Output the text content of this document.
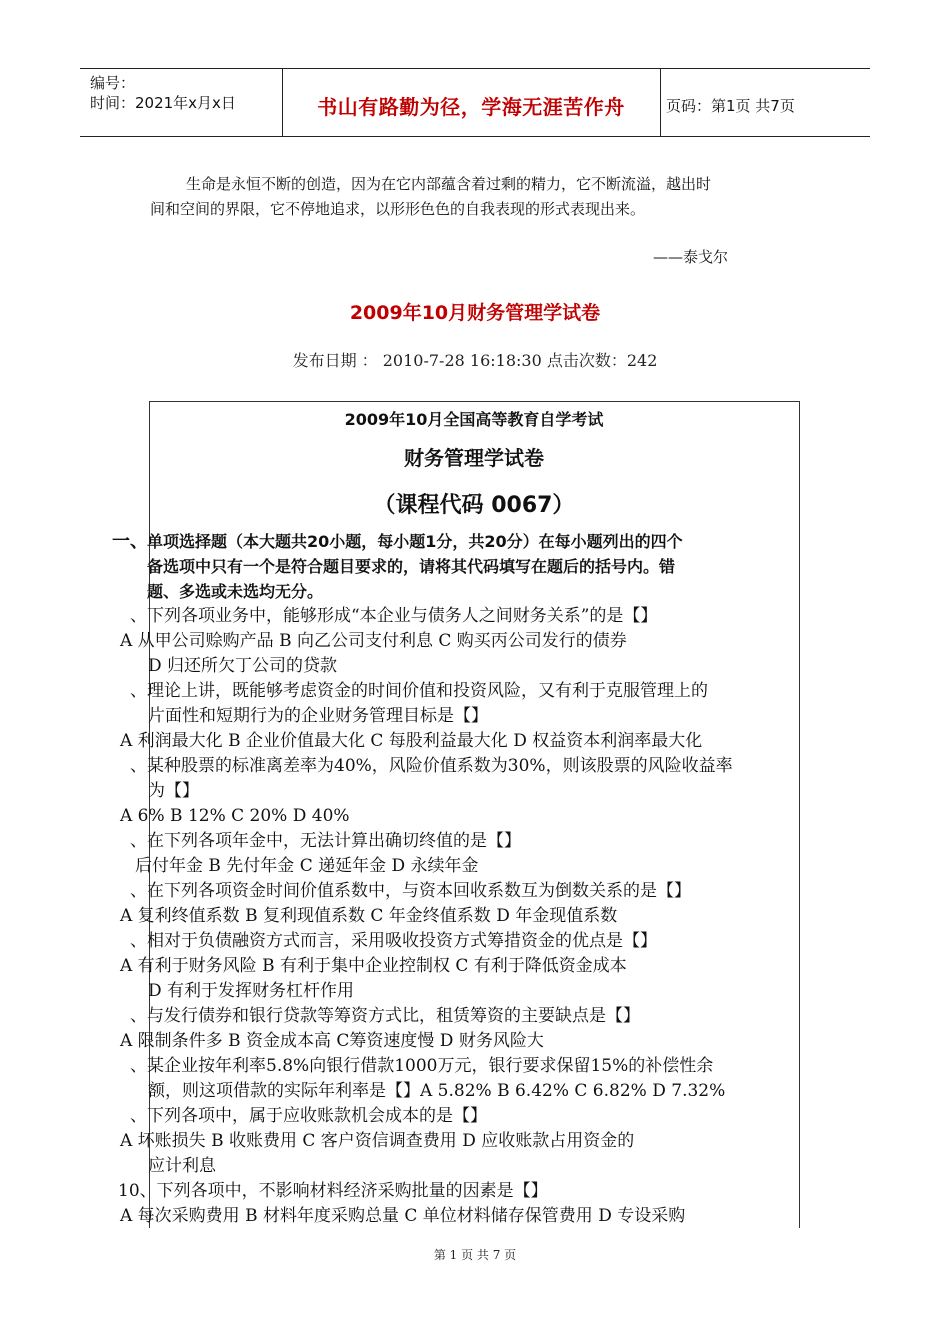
编号：
时间：2021年x月x日	书山有路勤为径，学海无涯苦作舟	页码：第1页 共7页
生命是永恒不断的创造，因为在它内部蕴含着过剩的精力，它不断流溢，越出时
间和空间的界限，它不停地追求，以形形色色的自我表现的形式表现出来。
——泰戈尔
2009年10月财务管理学试卷
发布日期 ： 2010-7-28 16:18:30 点击次数：242
2009年10月全国高等教育自学考试
财务管理学试卷
（课程代码 0067）
一、 单项选择题（本大题共20小题，每小题1分，共20分）在每小题列出的四个
备选项中只有一个是符合题目要求的，请将其代码填写在题后的括号内。错
题、多选或未选均无分。
、下列各项业务中，能够形成“本企业与债务人之间财务关系”的是【】
A 从甲公司赊购产品 B 向乙公司支付利息 C 购买丙公司发行的债券
D 归还所欠丁公司的贷款
、理论上讲，既能够考虑资金的时间价值和投资风险，又有利于克服管理上的
片面性和短期行为的企业财务管理目标是【】
A 利润最大化 B 企业价值最大化 C 每股利益最大化 D 权益资本利润率最大化
、某种股票的标准离差率为40%，风险价值系数为30%，则该股票的风险收益率
为【】
A 6% B 12% C 20% D 40%
、在下列各项年金中，无法计算出确切终值的是【】
后付年金 B 先付年金 C 递延年金 D 永续年金
、在下列各项资金时间价值系数中，与资本回收系数互为倒数关系的是【】
A 复利终值系数 B 复利现值系数 C 年金终值系数 D 年金现值系数
、相对于负债融资方式而言，采用吸收投资方式筹措资金的优点是【】
A 有利于财务风险 B 有利于集中企业控制权 C 有利于降低资金成本
D 有利于发挥财务杠杆作用
、与发行债券和银行贷款等筹资方式比，租赁筹资的主要缺点是【】
A 限制条件多 B 资金成本高 C筹资速度慢 D 财务风险大
、某企业按年利率5.8%向银行借款1000万元，银行要求保留15%的补偿性余
额，则这项借款的实际年利率是【】A 5.82% B 6.42% C 6.82% D 7.32%
、下列各项中，属于应收账款机会成本的是【】
A 坏账损失 B 收账费用 C 客户资信调查费用 D 应收账款占用资金的
应计利息
10、下列各项中，不影响材料经济采购批量的因素是【】
A 每次采购费用 B 材料年度采购总量 C 单位材料储存保管费用 D 专设采购
第 1 页 共 7 页
